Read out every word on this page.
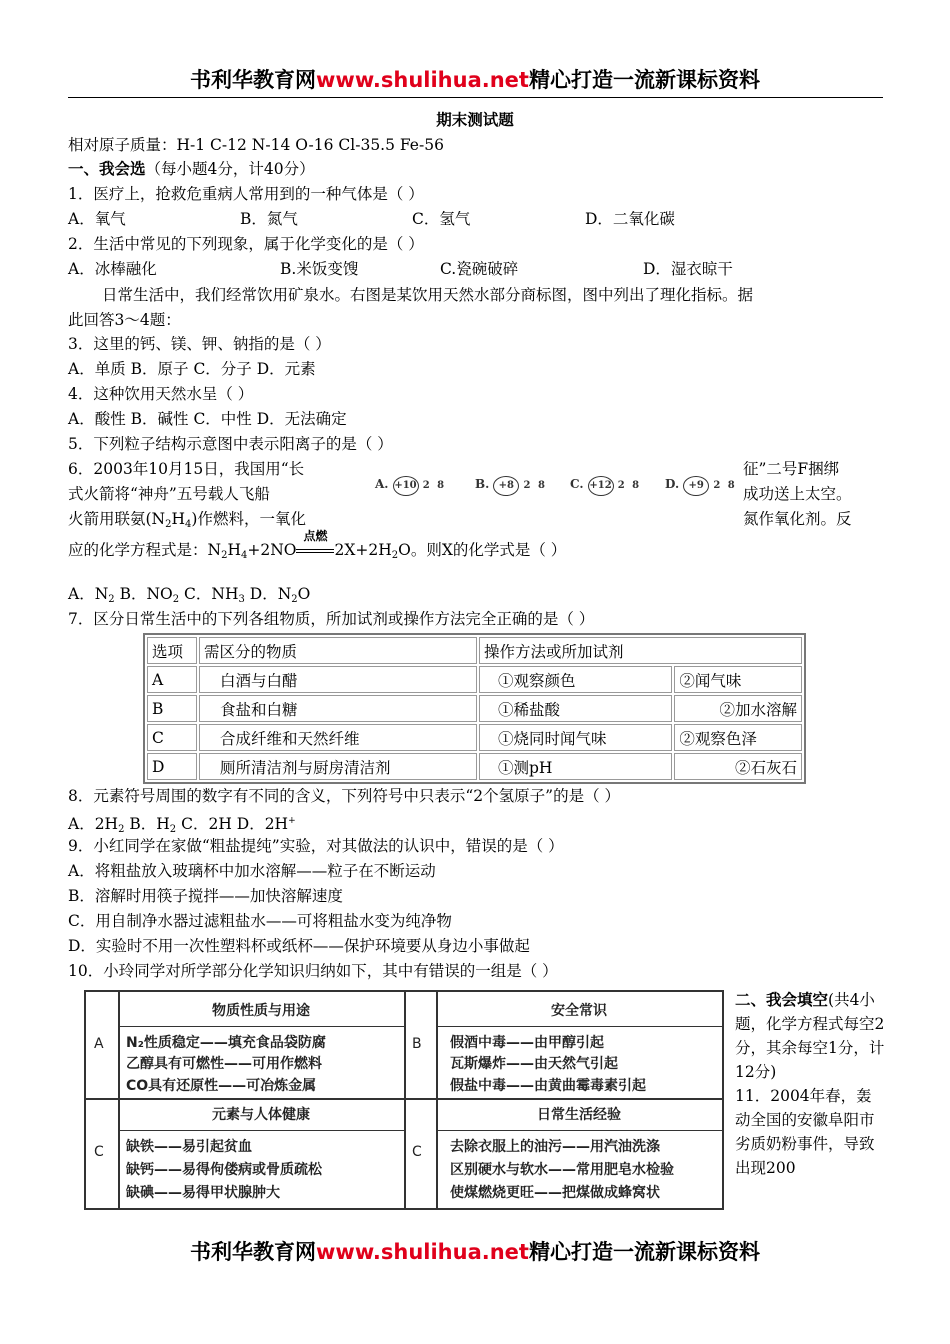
书利华教育网www.shulihua.net精心打造一流新课标资料
期末测试题
相对原子质量：H-1 C-12 N-14 O-16 Cl-35.5 Fe-56
一、我会选（每小题4分，计40分）
1．医疗上，抢救危重病人常用到的一种气体是（ ）
A．氧气	B．氮气	C．氢气	D．二氧化碳
2．生活中常见的下列现象，属于化学变化的是（ ）
A．冰棒融化	B.米饭变馊	C.瓷碗破碎	D．湿衣晾干
日常生活中，我们经常饮用矿泉水。右图是某饮用天然水部分商标图，图中列出了理化指标。据
此回答3～4题：
3．这里的钙、镁、钾、钠指的是（ ）
A．单质 B．原子 C．分子 D．元素
4．这种饮用天然水呈（ ）
A．酸性 B．碱性 C．中性 D．无法确定
5．下列粒子结构示意图中表示阳离子的是（ ）
A. +10 2 8 B. +8 2 8 C. +12 2 8 D. +9 2 8
6．2003年10月15日，我国用“长	征”二号F捆绑
式火箭将“神舟”五号载人飞船	成功送上太空。
火箭用联氨$(N_2H_4)$作燃料，一氧化	氮作氧化剂。反
应的化学方程式是：$N_2H_4+2NO$
点燃
$2X+2H_2O$。则X的化学式是（ ）
A．$N_2$ B．$NO_2$ C．$NH_3$ D．$N_2O$
7．区分日常生活中的下列各组物质，所加试剂或操作方法完全正确的是（ ）
选项	需区分的物质	操作方法或所加试剂	
A	白酒与白醋	①观察颜色	②闻气味
B	食盐和白糖	①稀盐酸	②加水溶解
C	合成纤维和天然纤维	①烧同时闻气味	②观察色泽
D	厕所清洁剂与厨房清洁剂	①测pH	②石灰石
8．元素符号周围的数字有不同的含义，下列符号中只表示“2个氢原子”的是（ ）
A．$2H_2$ B．$H_2$ C．2H D．2H+
9．小红同学在家做“粗盐提纯”实验，对其做法的认识中，错误的是（ ）
A．将粗盐放入玻璃杯中加水溶解——粒子在不断运动
B．溶解时用筷子搅拌——加快溶解速度
C．用自制净水器过滤粗盐水——可将粗盐水变为纯净物
D．实验时不用一次性塑料杯或纸杯——保护环境要从身边小事做起
10．小玲同学对所学部分化学知识归纳如下，其中有错误的一组是（ ）
A
物质性质与用途
N₂性质稳定——填充食品袋防腐
乙醇具有可燃性——可用作燃料
CO具有还原性——可冶炼金属
B
安全常识
假酒中毒——由甲醇引起
瓦斯爆炸——由天然气引起
假盐中毒——由黄曲霉毒素引起
C
元素与人体健康
缺铁——易引起贫血
缺钙——易得佝偻病或骨质疏松
缺碘——易得甲状腺肿大
C
日常生活经验
去除衣服上的油污——用汽油洗涤
区别硬水与软水——常用肥皂水检验
使煤燃烧更旺——把煤做成蜂窝状
二、我会填空(共4小题，化学方程式每空2分，其余每空1分，计12分)
11．2004年春，轰动全国的安徽阜阳市劣质奶粉事件，导致出现200
书利华教育网www.shulihua.net精心打造一流新课标资料
